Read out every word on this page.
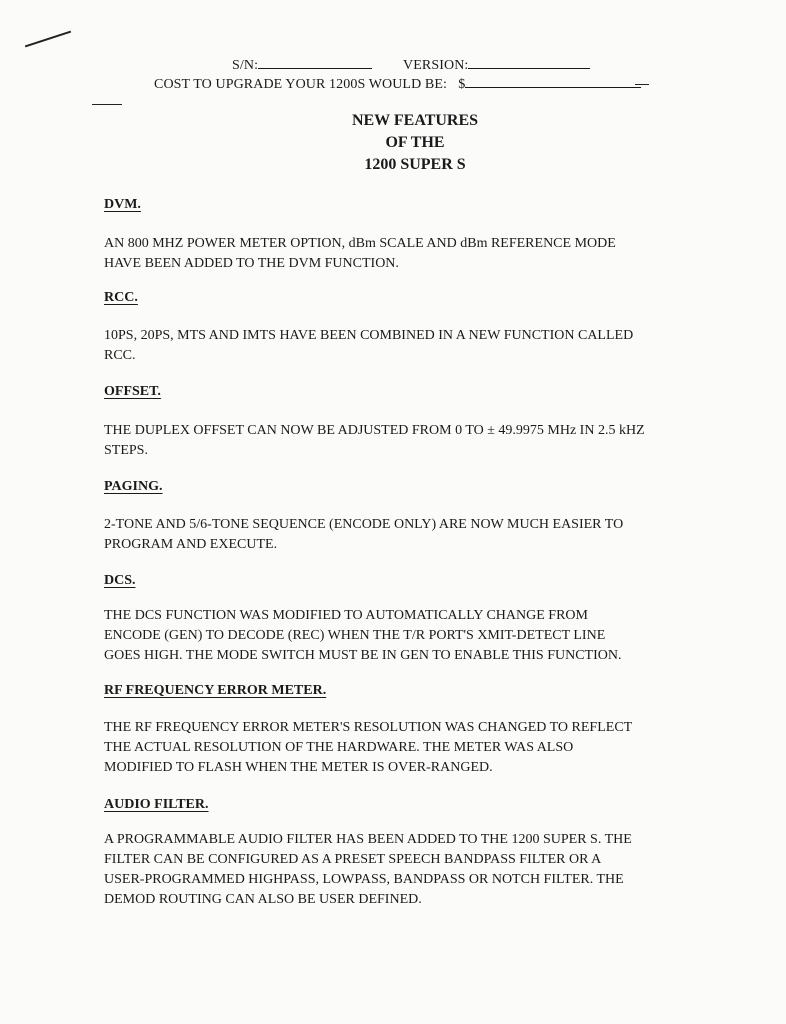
S/N:	VERSION:
COST TO UPGRADE YOUR 1200S WOULD BE: $
NEW FEATURES
OF THE
1200 SUPER S
DVM.
AN 800 MHZ POWER METER OPTION, dBm SCALE AND dBm REFERENCE MODE
HAVE BEEN ADDED TO THE DVM FUNCTION.
RCC.
10PS, 20PS, MTS AND IMTS HAVE BEEN COMBINED IN A NEW FUNCTION CALLED
RCC.
OFFSET.
THE DUPLEX OFFSET CAN NOW BE ADJUSTED FROM 0 TO ± 49.9975 MHz IN 2.5 kHZ
STEPS.
PAGING.
2-TONE AND 5/6-TONE SEQUENCE (ENCODE ONLY) ARE NOW MUCH EASIER TO
PROGRAM AND EXECUTE.
DCS.
THE DCS FUNCTION WAS MODIFIED TO AUTOMATICALLY CHANGE FROM
ENCODE (GEN) TO DECODE (REC) WHEN THE T/R PORT'S XMIT-DETECT LINE
GOES HIGH. THE MODE SWITCH MUST BE IN GEN TO ENABLE THIS FUNCTION.
RF FREQUENCY ERROR METER.
THE RF FREQUENCY ERROR METER'S RESOLUTION WAS CHANGED TO REFLECT
THE ACTUAL RESOLUTION OF THE HARDWARE. THE METER WAS ALSO
MODIFIED TO FLASH WHEN THE METER IS OVER-RANGED.
AUDIO FILTER.
A PROGRAMMABLE AUDIO FILTER HAS BEEN ADDED TO THE 1200 SUPER S. THE
FILTER CAN BE CONFIGURED AS A PRESET SPEECH BANDPASS FILTER OR A
USER-PROGRAMMED HIGHPASS, LOWPASS, BANDPASS OR NOTCH FILTER. THE
DEMOD ROUTING CAN ALSO BE USER DEFINED.
